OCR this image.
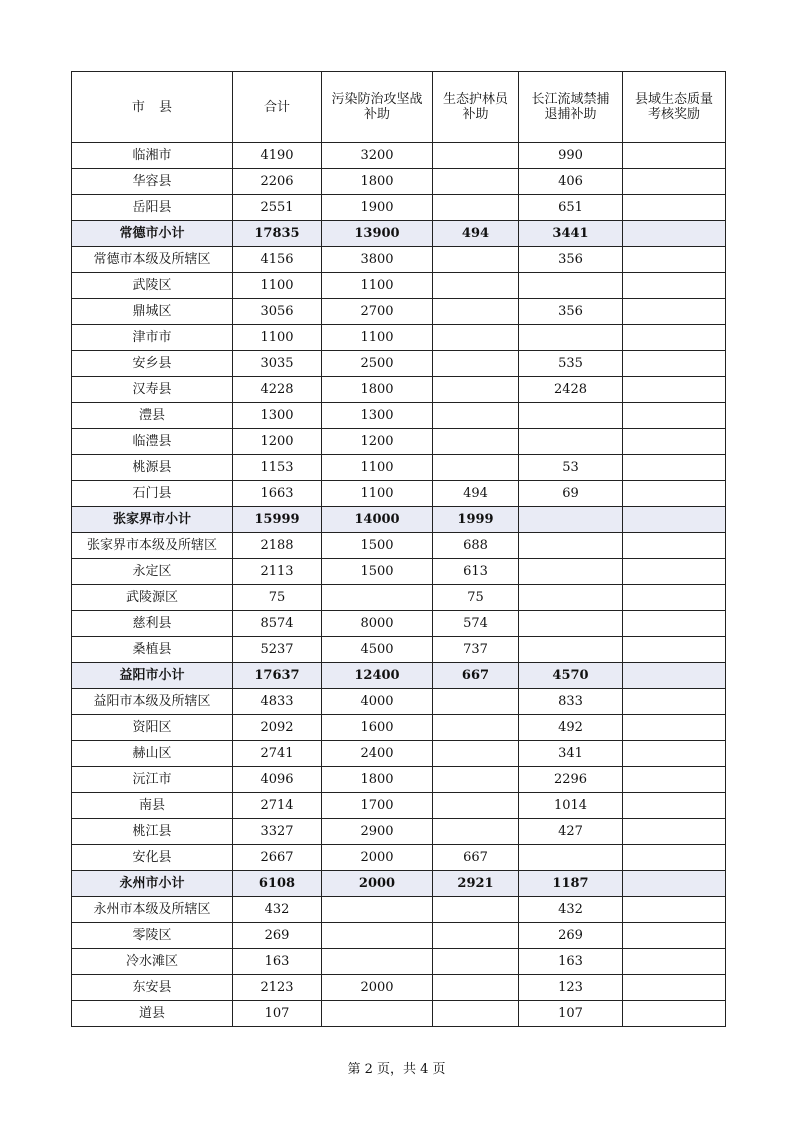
市 县	合计	污染防治攻坚战补助	生态护林员补助	长江流域禁捕退捕补助	县域生态质量考核奖励
临湘市	4190	3200		990	
华容县	2206	1800		406	
岳阳县	2551	1900		651	
常德市小计	17835	13900	494	3441	
常德市本级及所辖区	4156	3800		356	
武陵区	1100	1100			
鼎城区	3056	2700		356	
津市市	1100	1100			
安乡县	3035	2500		535	
汉寿县	4228	1800		2428	
澧县	1300	1300			
临澧县	1200	1200			
桃源县	1153	1100		53	
石门县	1663	1100	494	69	
张家界市小计	15999	14000	1999		
张家界市本级及所辖区	2188	1500	688		
永定区	2113	1500	613		
武陵源区	75		75		
慈利县	8574	8000	574		
桑植县	5237	4500	737		
益阳市小计	17637	12400	667	4570	
益阳市本级及所辖区	4833	4000		833	
资阳区	2092	1600		492	
赫山区	2741	2400		341	
沅江市	4096	1800		2296	
南县	2714	1700		1014	
桃江县	3327	2900		427	
安化县	2667	2000	667		
永州市小计	6108	2000	2921	1187	
永州市本级及所辖区	432			432	
零陵区	269			269	
冷水滩区	163			163	
东安县	2123	2000		123	
道县	107			107	
第 2 页，共 4 页
